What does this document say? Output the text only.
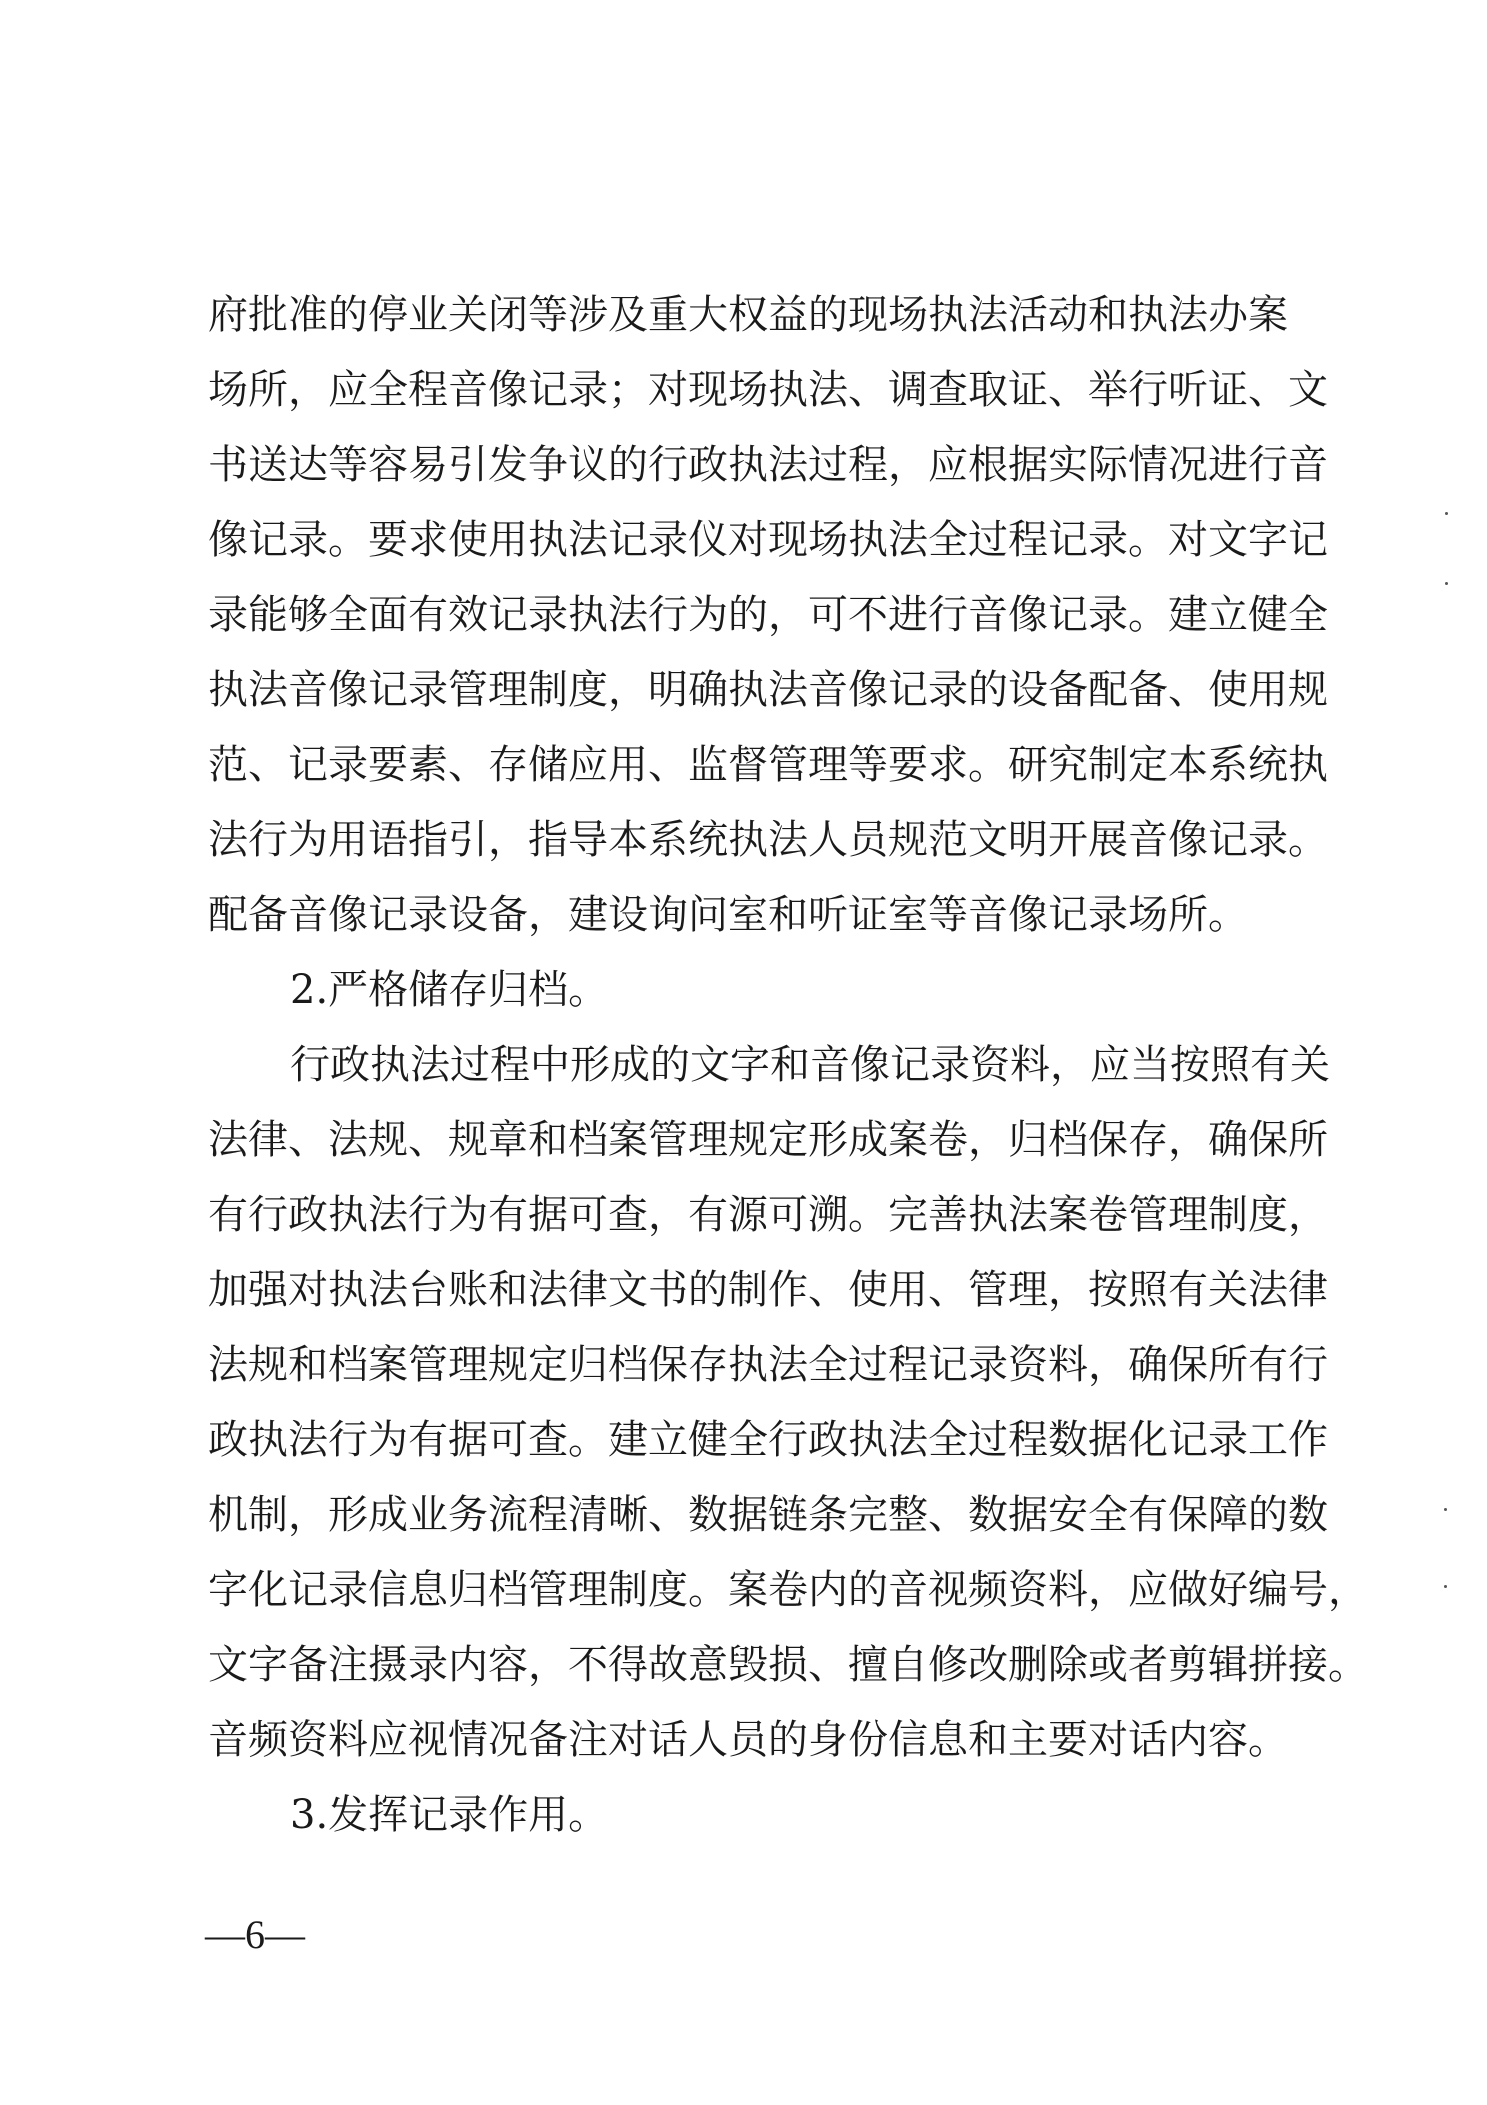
府批准的停业关闭等涉及重大权益的现场执法活动和执法办案
场所，应全程音像记录；对现场执法、调查取证、举行听证、文
书送达等容易引发争议的行政执法过程，应根据实际情况进行音
像记录。要求使用执法记录仪对现场执法全过程记录。对文字记
录能够全面有效记录执法行为的，可不进行音像记录。建立健全
执法音像记录管理制度，明确执法音像记录的设备配备、使用规
范、记录要素、存储应用、监督管理等要求。研究制定本系统执
法行为用语指引，指导本系统执法人员规范文明开展音像记录。
配备音像记录设备，建设询问室和听证室等音像记录场所。
2.严格储存归档。
行政执法过程中形成的文字和音像记录资料，应当按照有关
法律、法规、规章和档案管理规定形成案卷，归档保存，确保所
有行政执法行为有据可查，有源可溯。完善执法案卷管理制度，
加强对执法台账和法律文书的制作、使用、管理，按照有关法律
法规和档案管理规定归档保存执法全过程记录资料，确保所有行
政执法行为有据可查。建立健全行政执法全过程数据化记录工作
机制，形成业务流程清晰、数据链条完整、数据安全有保障的数
字化记录信息归档管理制度。案卷内的音视频资料，应做好编号，
文字备注摄录内容，不得故意毁损、擅自修改删除或者剪辑拼接。
音频资料应视情况备注对话人员的身份信息和主要对话内容。
3.发挥记录作用。
—6—
